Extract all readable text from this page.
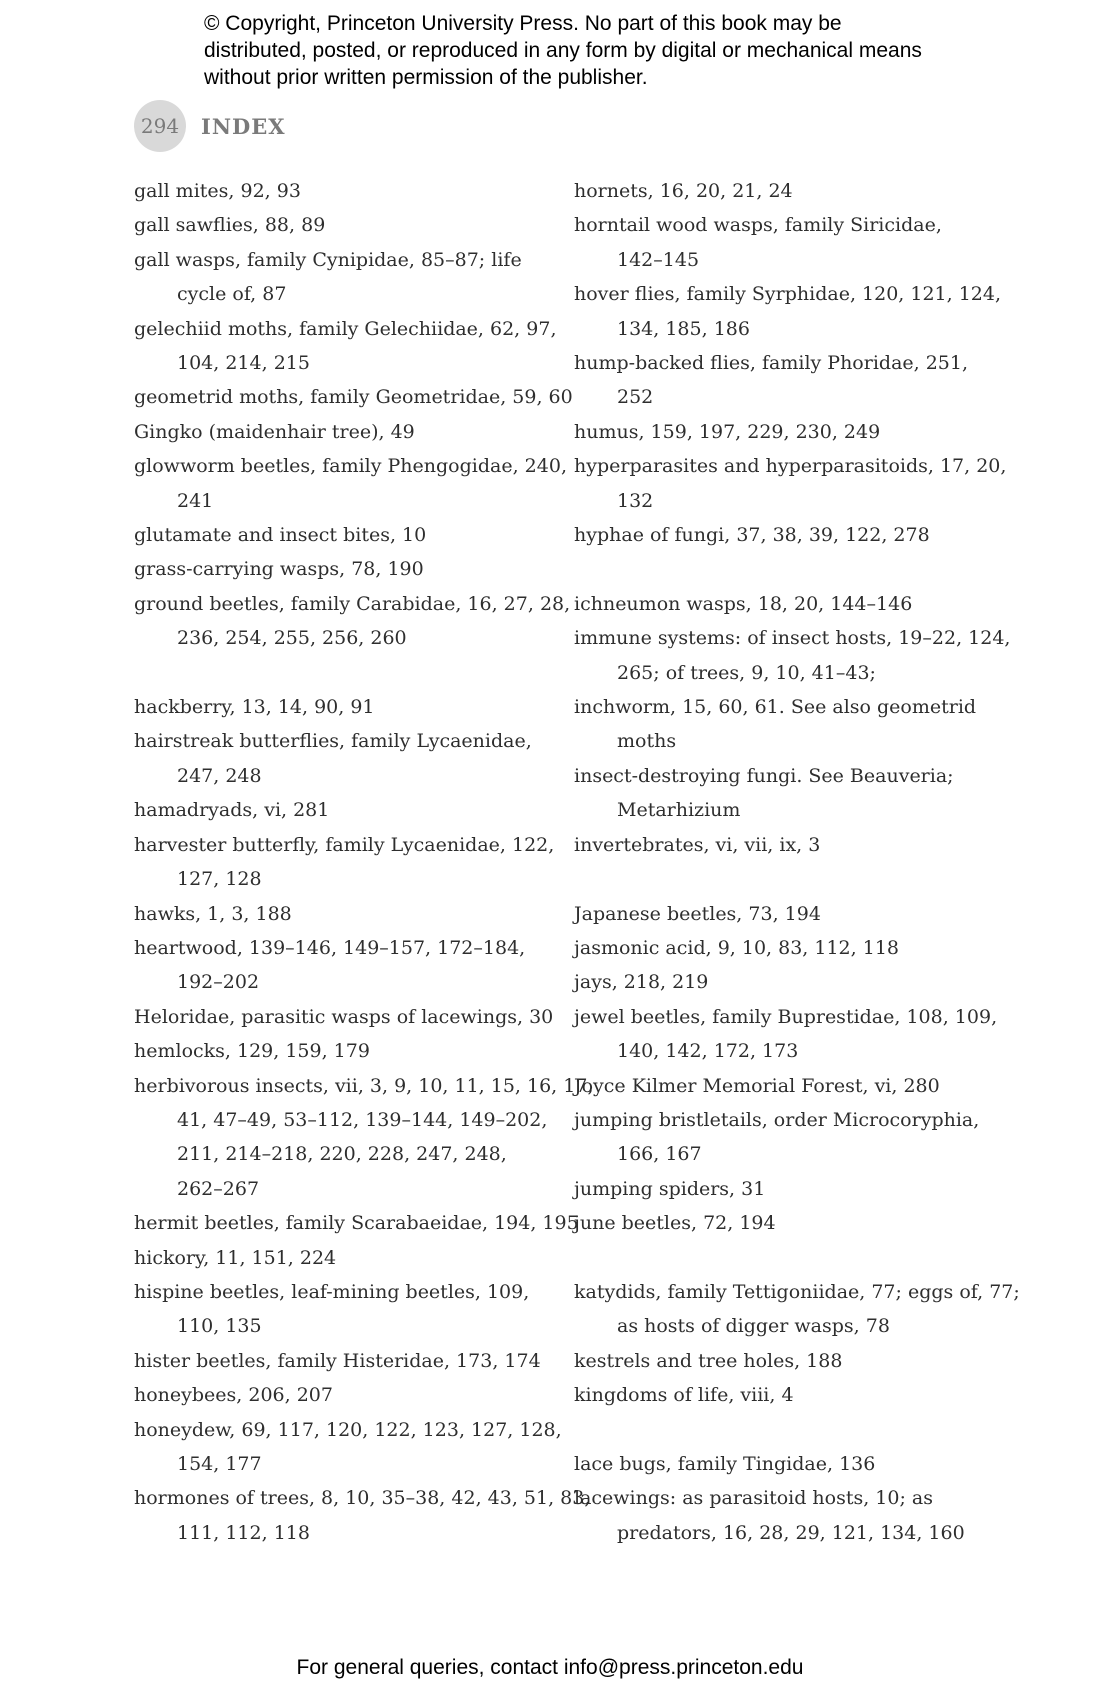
© Copyright, Princeton University Press. No part of this book may be distributed, posted, or reproduced in any form by digital or mechanical means without prior written permission of the publisher.
294	INDEX
gall mites, 92, 93
gall sawflies, 88, 89
gall wasps, family Cynipidae, 85–87; life
cycle of, 87
gelechiid moths, family Gelechiidae, 62, 97,
104, 214, 215
geometrid moths, family Geometridae, 59, 60
Gingko (maidenhair tree), 49
glowworm beetles, family Phengogidae, 240,
241
glutamate and insect bites, 10
grass-carrying wasps, 78, 190
ground beetles, family Carabidae, 16, 27, 28,
236, 254, 255, 256, 260
hackberry, 13, 14, 90, 91
hairstreak butterflies, family Lycaenidae,
247, 248
hamadryads, vi, 281
harvester butterfly, family Lycaenidae, 122,
127, 128
hawks, 1, 3, 188
heartwood, 139–146, 149–157, 172–184,
192–202
Heloridae, parasitic wasps of lacewings, 30
hemlocks, 129, 159, 179
herbivorous insects, vii, 3, 9, 10, 11, 15, 16, 17,
41, 47–49, 53–112, 139–144, 149–202,
211, 214–218, 220, 228, 247, 248,
262–267
hermit beetles, family Scarabaeidae, 194, 195
hickory, 11, 151, 224
hispine beetles, leaf-mining beetles, 109,
110, 135
hister beetles, family Histeridae, 173, 174
honeybees, 206, 207
honeydew, 69, 117, 120, 122, 123, 127, 128,
154, 177
hormones of trees, 8, 10, 35–38, 42, 43, 51, 83,
111, 112, 118
hornets, 16, 20, 21, 24
horntail wood wasps, family Siricidae,
142–145
hover flies, family Syrphidae, 120, 121, 124,
134, 185, 186
hump-backed flies, family Phoridae, 251,
252
humus, 159, 197, 229, 230, 249
hyperparasites and hyperparasitoids, 17, 20,
132
hyphae of fungi, 37, 38, 39, 122, 278
ichneumon wasps, 18, 20, 144–146
immune systems: of insect hosts, 19–22, 124,
265; of trees, 9, 10, 41–43;
inchworm, 15, 60, 61. See also geometrid
moths
insect-destroying fungi. See Beauveria;
Metarhizium
invertebrates, vi, vii, ix, 3
Japanese beetles, 73, 194
jasmonic acid, 9, 10, 83, 112, 118
jays, 218, 219
jewel beetles, family Buprestidae, 108, 109,
140, 142, 172, 173
Joyce Kilmer Memorial Forest, vi, 280
jumping bristletails, order Microcoryphia,
166, 167
jumping spiders, 31
june beetles, 72, 194
katydids, family Tettigoniidae, 77; eggs of, 77;
as hosts of digger wasps, 78
kestrels and tree holes, 188
kingdoms of life, viii, 4
lace bugs, family Tingidae, 136
lacewings: as parasitoid hosts, 10; as
predators, 16, 28, 29, 121, 134, 160
For general queries, contact info@press.princeton.edu
